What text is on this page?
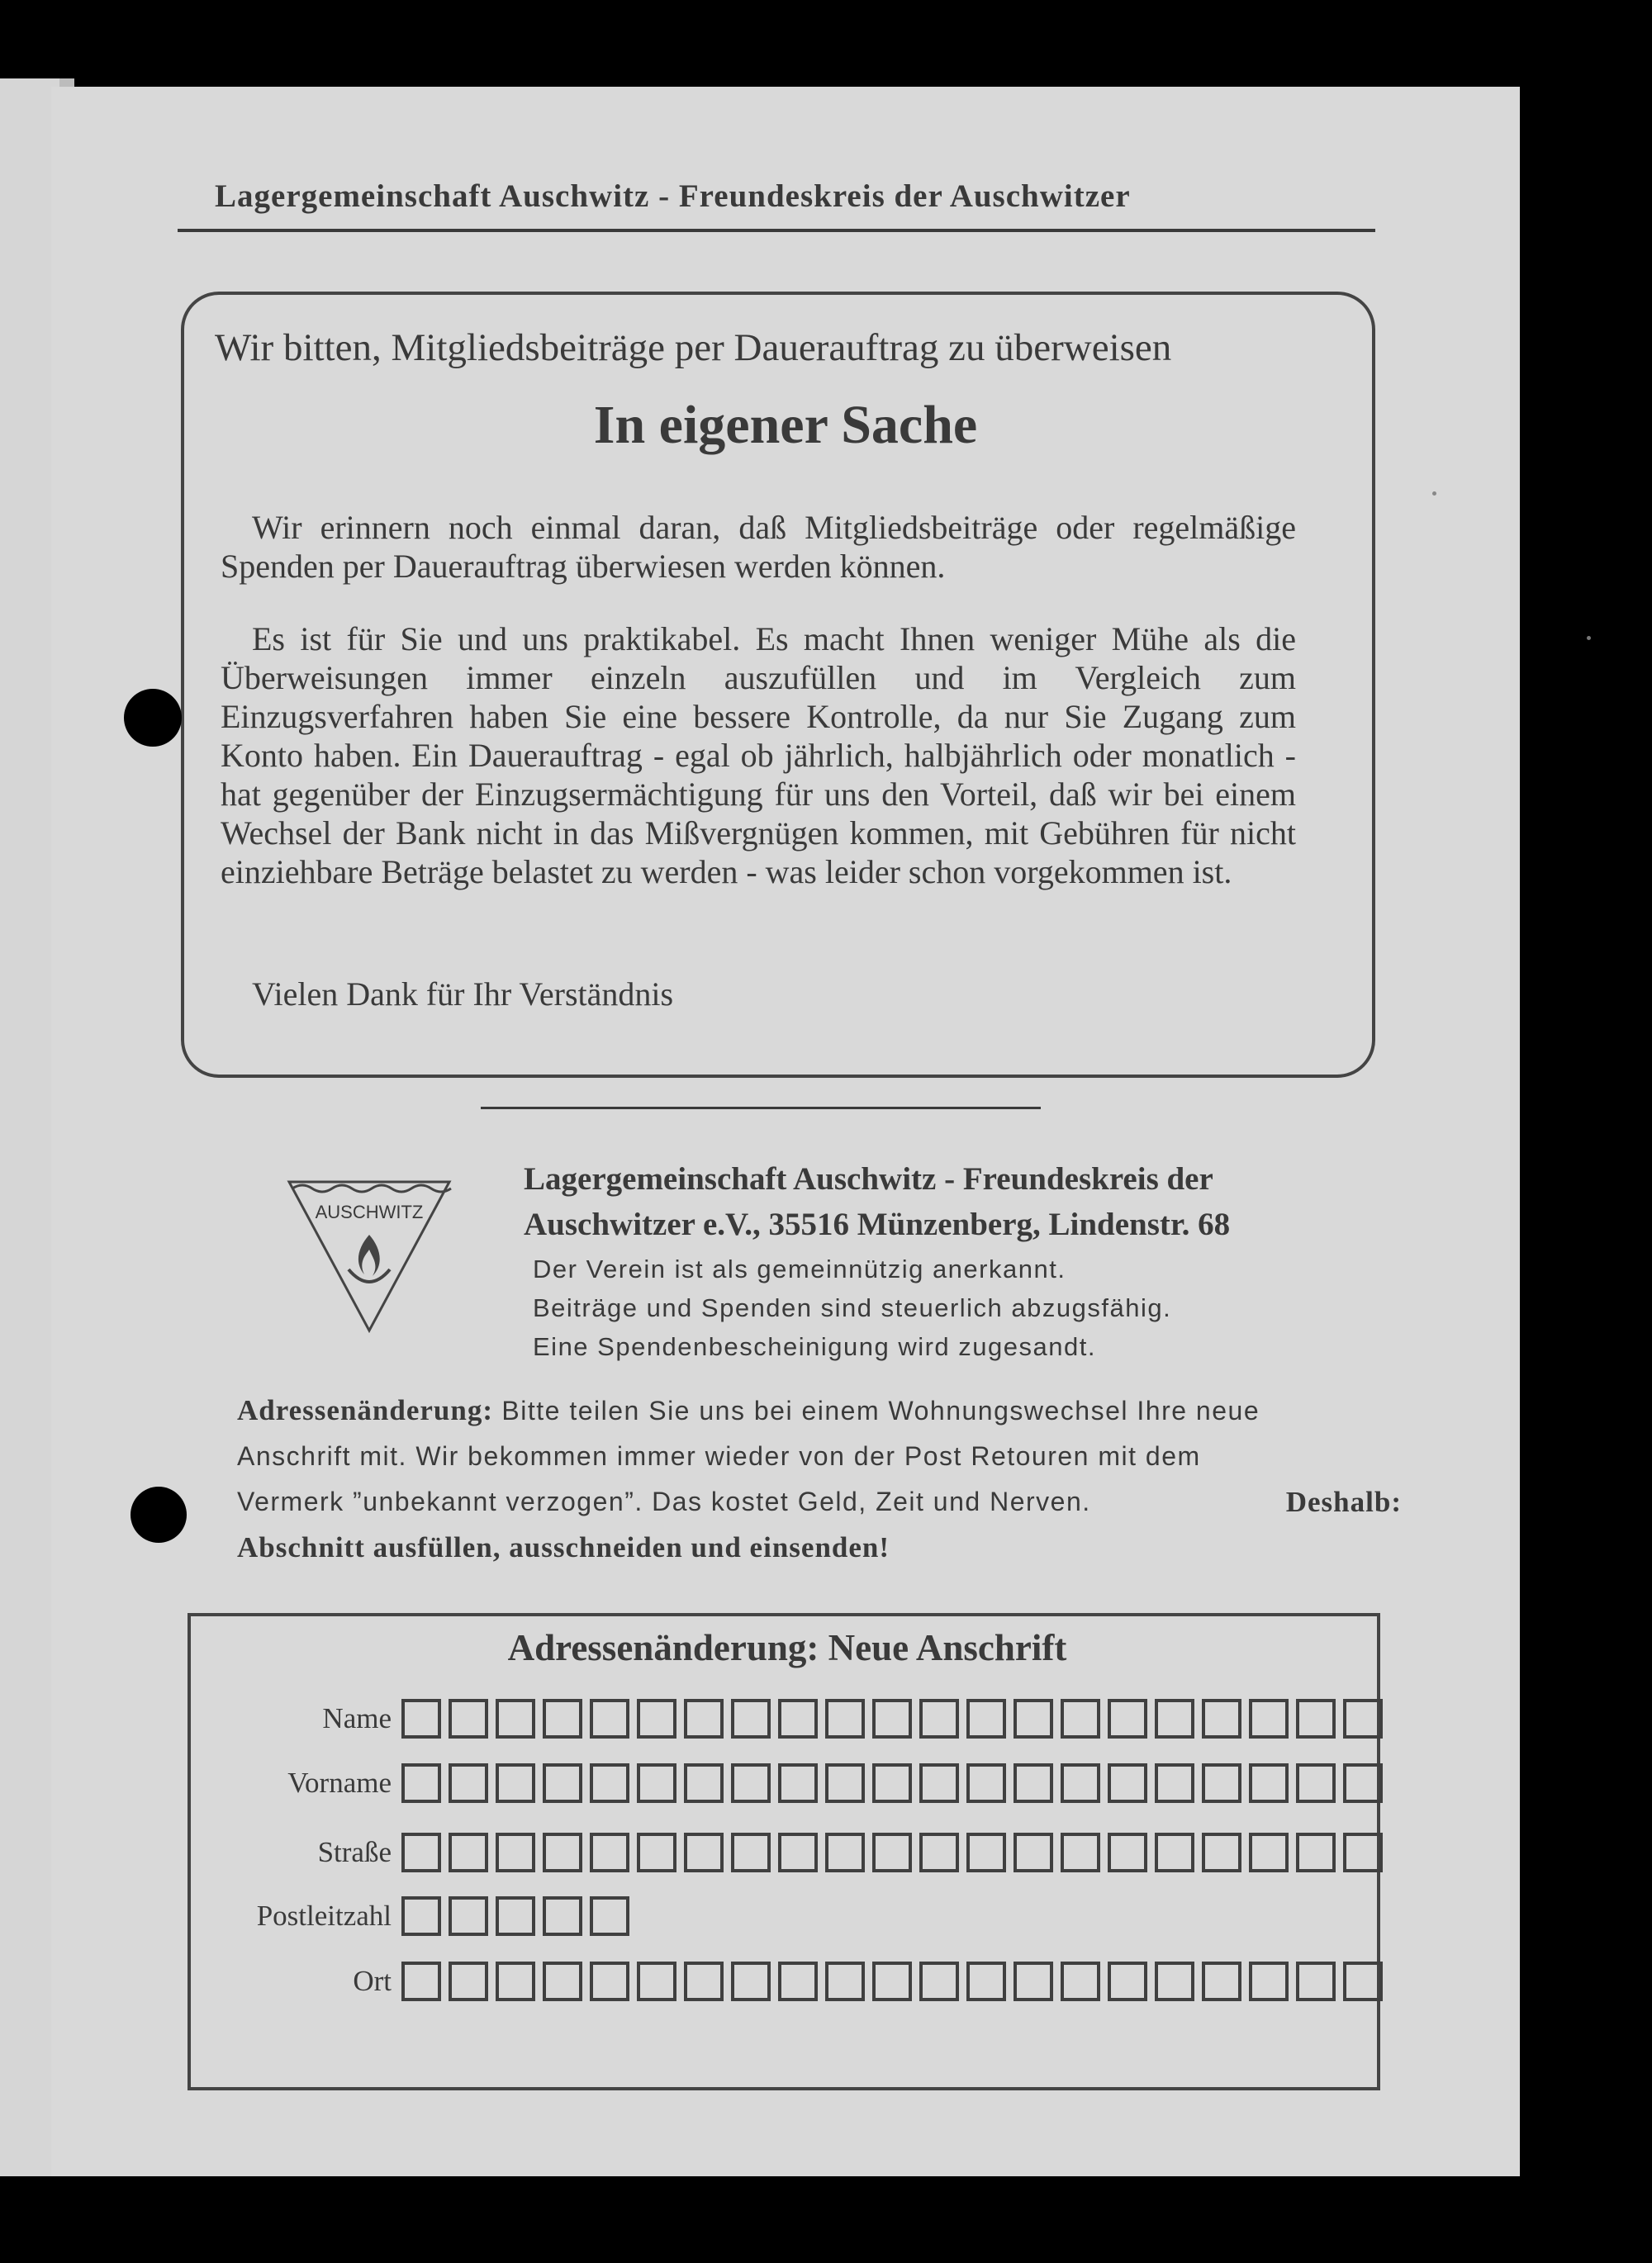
Lagergemeinschaft Auschwitz - Freundeskreis der Auschwitzer
Wir bitten, Mitgliedsbeiträge per Dauerauftrag zu überweisen
In eigener Sache
Wir erinnern noch einmal daran, daß Mitgliedsbeiträge oder regelmäßige Spenden per Dauerauftrag überwiesen werden können.
Es ist für Sie und uns praktikabel. Es macht Ihnen weniger Mühe als die Überweisungen immer einzeln auszufüllen und im Vergleich zum Einzugsverfahren haben Sie eine bessere Kontrolle, da nur Sie Zugang zum Konto haben. Ein Dauerauftrag - egal ob jährlich, halbjährlich oder monatlich - hat gegenüber der Einzugsermächtigung für uns den Vorteil, daß wir bei einem Wechsel der Bank nicht in das Mißvergnügen kommen, mit Gebühren für nicht einziehbare Beträge belastet zu werden - was leider schon vorgekommen ist.
Vielen Dank für Ihr Verständnis
AUSCHWITZ
Lagergemeinschaft Auschwitz - Freundeskreis der
Auschwitzer e.V., 35516 Münzenberg, Lindenstr. 68
Der Verein ist als gemeinnützig anerkannt.
Beiträge und Spenden sind steuerlich abzugsfähig.
Eine Spendenbescheinigung wird zugesandt.
Adressenänderung: Bitte teilen Sie uns bei einem Wohnungswechsel Ihre neue
Anschrift mit. Wir bekommen immer wieder von der Post Retouren mit dem
Vermerk ”unbekannt verzogen”. Das kostet Geld, Zeit und Nerven.	Deshalb:
Abschnitt ausfüllen, ausschneiden und einsenden!
Adressenänderung: Neue Anschrift
Name
Vorname
Straße
Postleitzahl
Ort
